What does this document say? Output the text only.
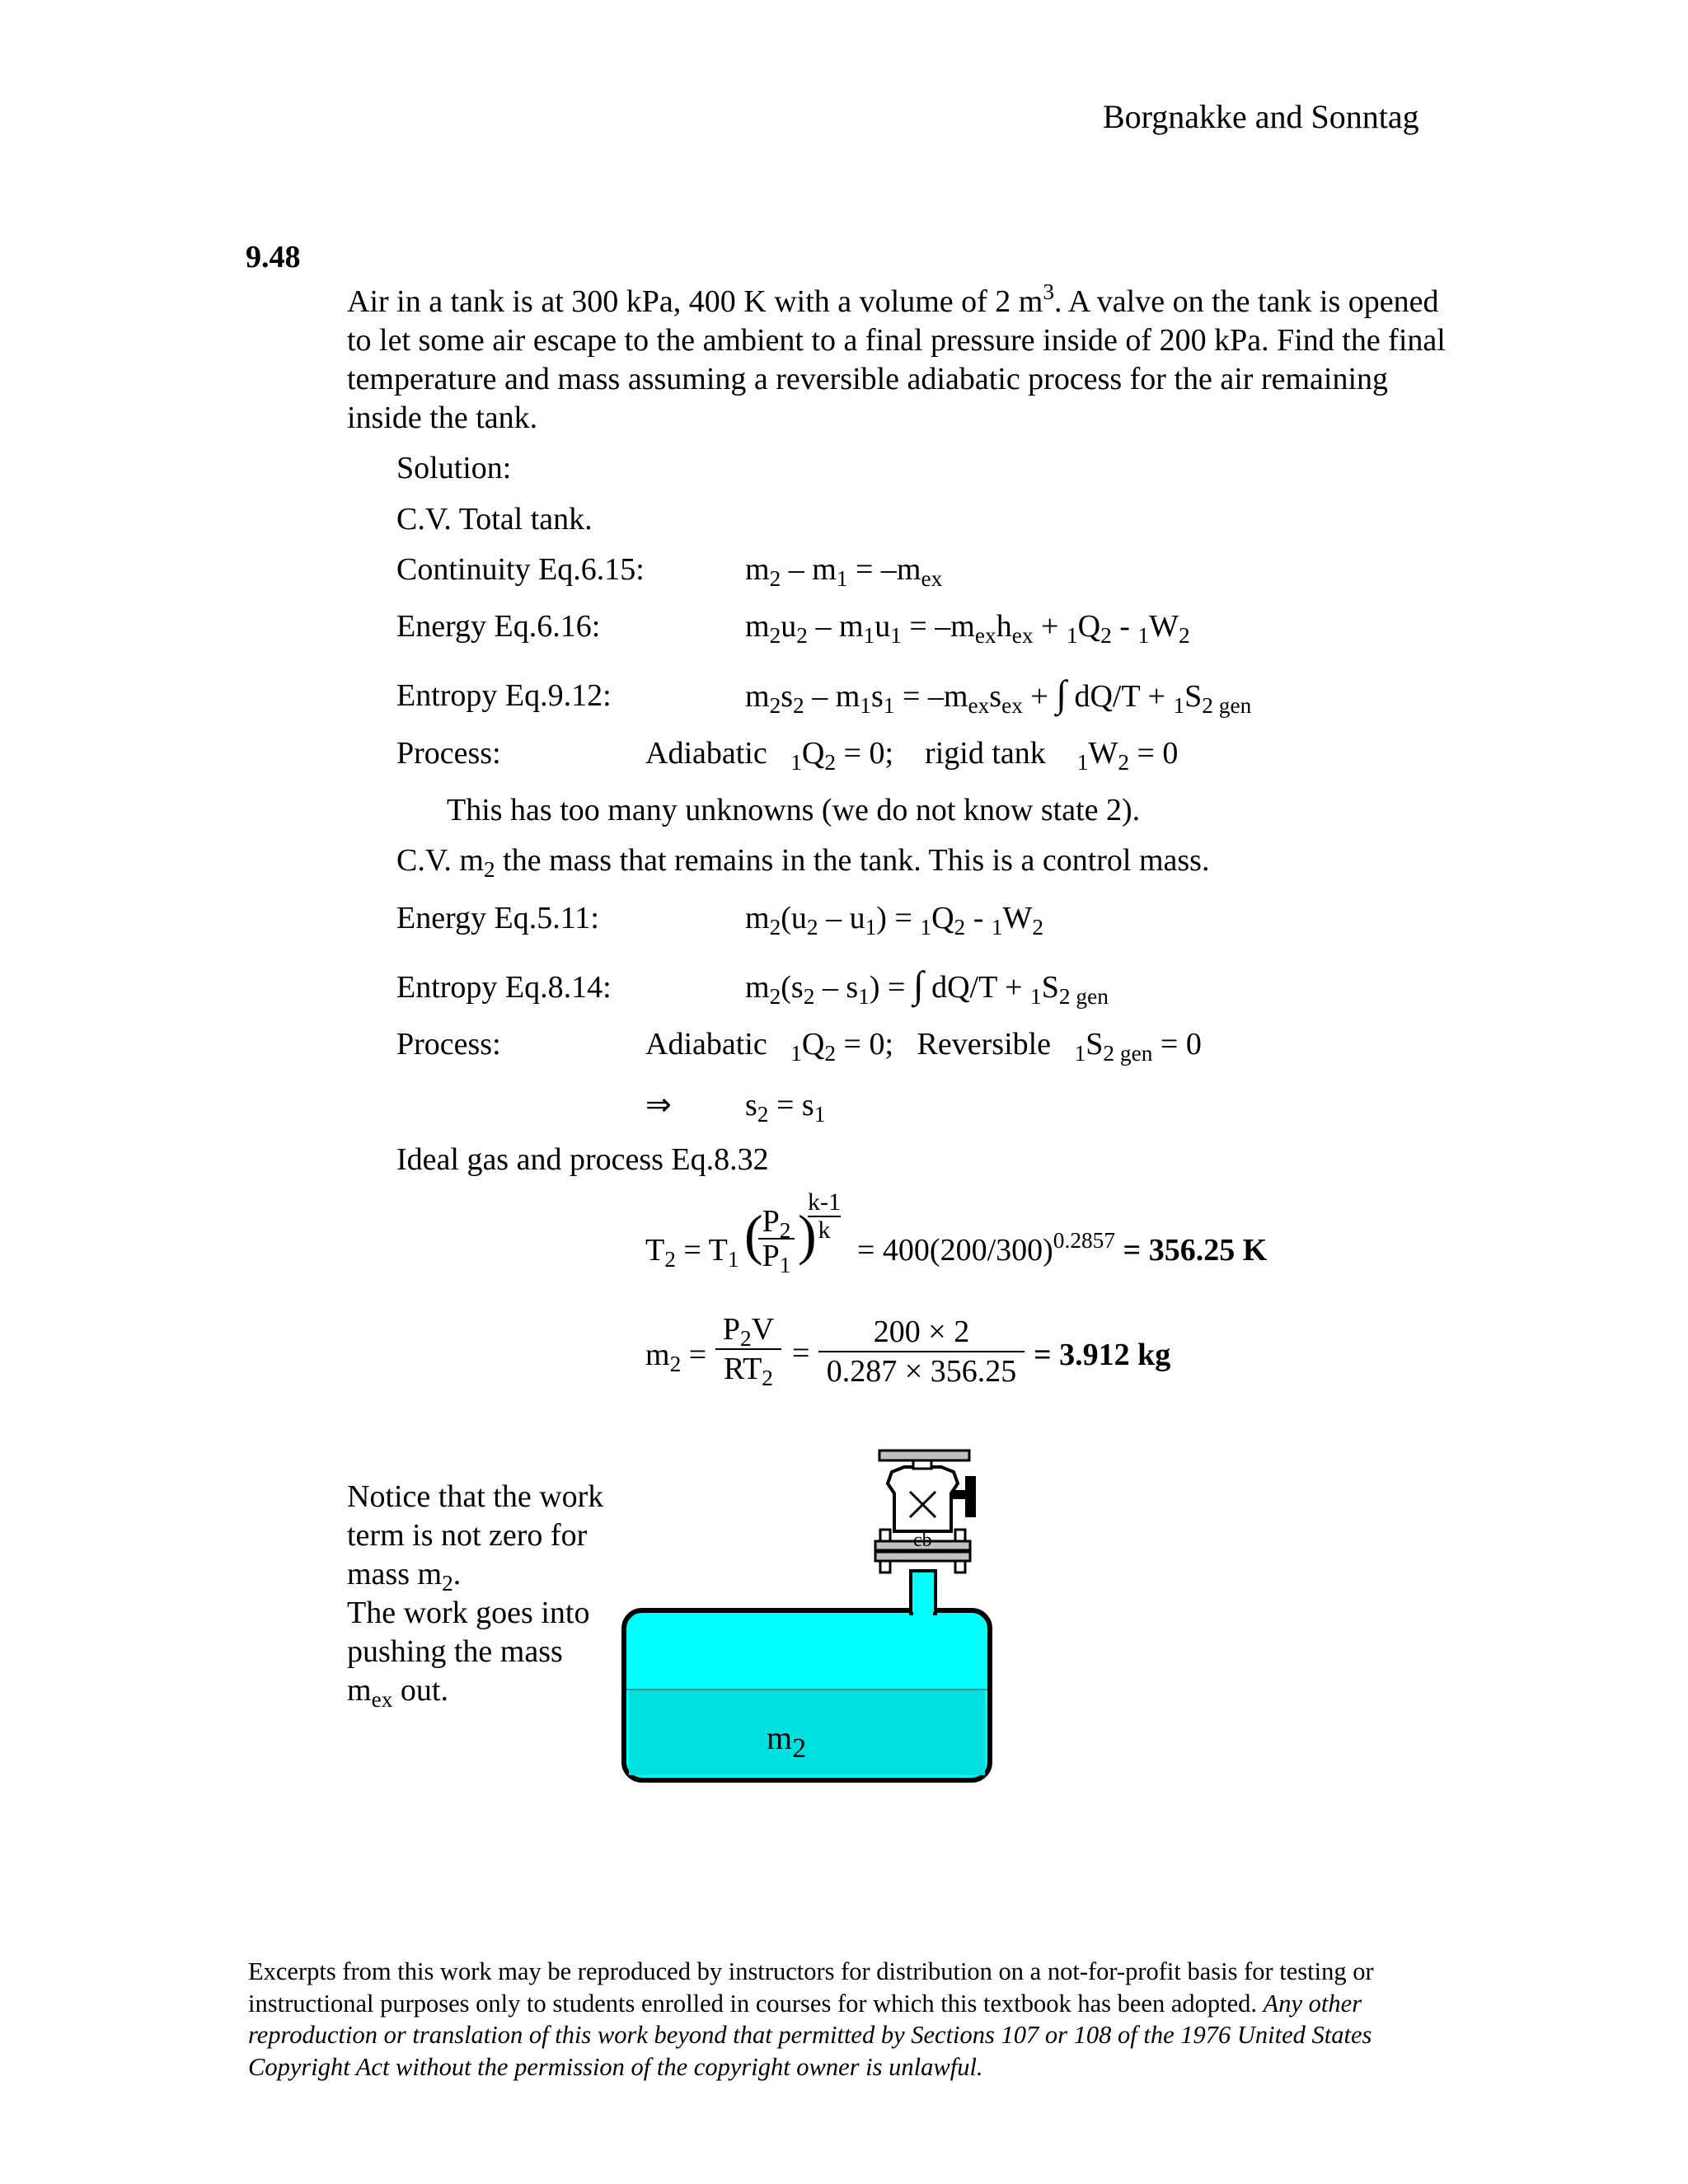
Borgnakke and Sonntag
9.48
Air in a tank is at 300 kPa, 400 K with a volume of 2 $m^3$. A valve on the tank is opened to let some air escape to the ambient to a final pressure inside of 200 kPa. Find the final temperature and mass assuming a reversible adiabatic process for the air remaining inside the tank.
Solution:
C.V. Total tank.
Continuity Eq.6.15:	$m_2 - m_1 = -m_{ex}$
Energy Eq.6.16:	$m_2u_2 - m_1u_1 = -m_{ex}h_{ex} + _1Q_2 - _1W_2$
Entropy Eq.9.12:	$m_2s_2 - m_1s_1 = -m_{ex}s_{ex}$ + ∫ $dQ/T + _1S_{2 gen}$
Process:	Adiabatic $_1Q_2 = 0$;    rigid tank $_1W_2 = 0$
This has too many unknowns (we do not know state 2).
C.V. $m_2$ the mass that remains in the tank. This is a control mass.
Energy Eq.5.11:	$m_2(u_2 - u_1) = _1Q_2 - _1W_2$
Entropy Eq.8.14:	$m_2(s_2 - s_1)$ = ∫ $dQ/T + _1S_{2 gen}$
Process:	Adiabatic $_1Q_2 = 0$;   Reversible $_1S_{2 gen} = 0$
⇒ $s_2 = s_1$
Ideal gas and process Eq.8.32
$T_2 = T_1$ (
$P_2$
$P_1$ )
k-1
k
= $400(200/300)^{0.2857} = 356.25$ K
$m_2$ =
$P_2V$
$RT_2$
=
200 × 2
0.287 × 356.25 = 3.912 kg
Notice that the work term is not zero for mass $m_2$.
The work goes into pushing the mass $m_{ex}$ out.
cb
$m_2$
Excerpts from this work may be reproduced by instructors for distribution on a not-for-profit basis for testing or instructional purposes only to students enrolled in courses for which this textbook has been adopted. Any other reproduction or translation of this work beyond that permitted by Sections 107 or 108 of the 1976 United States Copyright Act without the permission of the copyright owner is unlawful.
